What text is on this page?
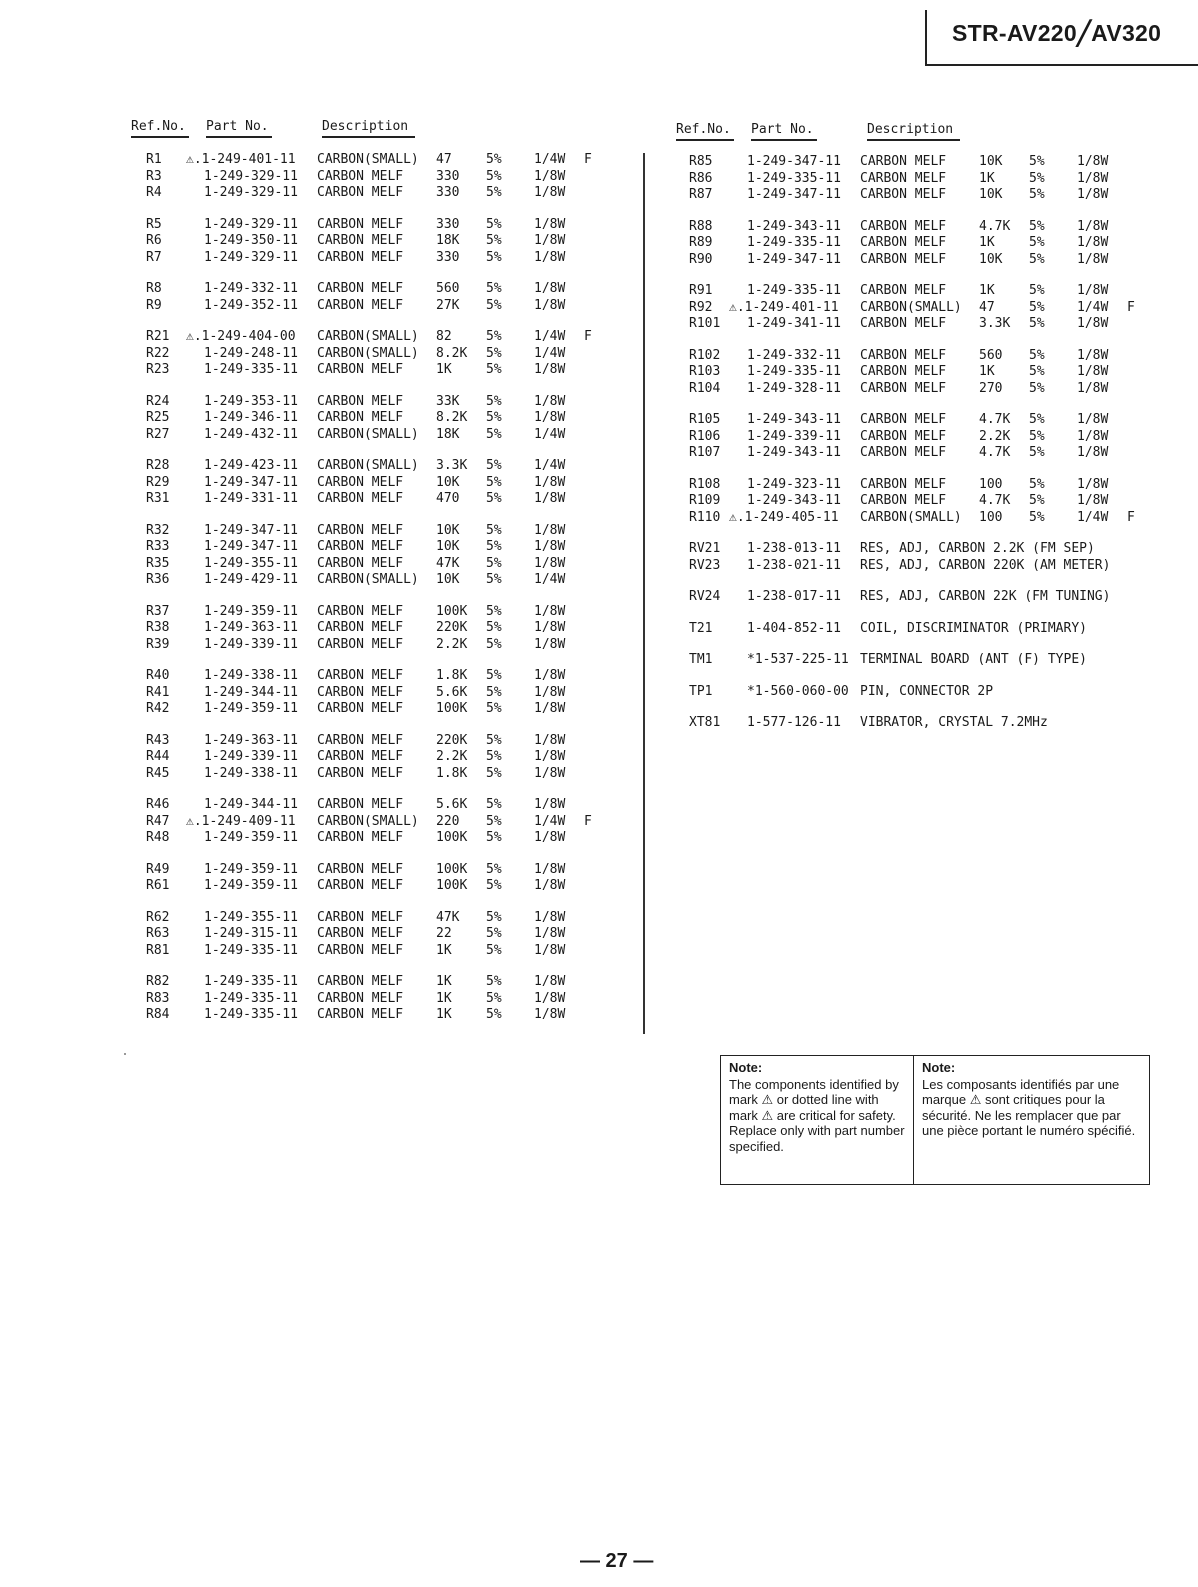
STR-AV220╱AV320
Ref.No. Part No.	Description	Ref.No. Part No.	Description
R1 ⚠.1-249-401-11 CARBON(SMALL) 47	5% 1/4W F
R3	1-249-329-11 CARBON MELF	330 5% 1/8W
R4	1-249-329-11 CARBON MELF	330 5% 1/8W
R5	1-249-329-11 CARBON MELF	330 5% 1/8W
R6	1-249-350-11 CARBON MELF	18K 5% 1/8W
R7	1-249-329-11 CARBON MELF	330 5% 1/8W
R8	1-249-332-11 CARBON MELF	560 5% 1/8W
R9	1-249-352-11 CARBON MELF	27K 5% 1/8W
R21 ⚠.1-249-404-00 CARBON(SMALL) 82	5% 1/4W F
R22	1-249-248-11 CARBON(SMALL) 8.2K 5% 1/4W
R23	1-249-335-11 CARBON MELF	1K	5% 1/8W
R24	1-249-353-11 CARBON MELF	33K 5% 1/8W
R25	1-249-346-11 CARBON MELF	8.2K 5% 1/8W
R27	1-249-432-11 CARBON(SMALL) 18K 5% 1/4W
R28	1-249-423-11 CARBON(SMALL) 3.3K 5% 1/4W
R29	1-249-347-11 CARBON MELF	10K 5% 1/8W
R31	1-249-331-11 CARBON MELF	470 5% 1/8W
R32	1-249-347-11 CARBON MELF	10K 5% 1/8W
R33	1-249-347-11 CARBON MELF	10K 5% 1/8W
R35	1-249-355-11 CARBON MELF	47K 5% 1/8W
R36	1-249-429-11 CARBON(SMALL) 10K 5% 1/4W
R37	1-249-359-11 CARBON MELF	100K 5% 1/8W
R38	1-249-363-11 CARBON MELF	220K 5% 1/8W
R39	1-249-339-11 CARBON MELF	2.2K 5% 1/8W
R40	1-249-338-11 CARBON MELF	1.8K 5% 1/8W
R41	1-249-344-11 CARBON MELF	5.6K 5% 1/8W
R42	1-249-359-11 CARBON MELF	100K 5% 1/8W
R43	1-249-363-11 CARBON MELF	220K 5% 1/8W
R44	1-249-339-11 CARBON MELF	2.2K 5% 1/8W
R45	1-249-338-11 CARBON MELF	1.8K 5% 1/8W
R46	1-249-344-11 CARBON MELF	5.6K 5% 1/8W
R47 ⚠.1-249-409-11 CARBON(SMALL) 220 5% 1/4W F
R48	1-249-359-11 CARBON MELF	100K 5% 1/8W
R49	1-249-359-11 CARBON MELF	100K 5% 1/8W
R61	1-249-359-11 CARBON MELF	100K 5% 1/8W
R62	1-249-355-11 CARBON MELF	47K 5% 1/8W
R63	1-249-315-11 CARBON MELF	22	5% 1/8W
R81	1-249-335-11 CARBON MELF	1K	5% 1/8W
R82	1-249-335-11 CARBON MELF	1K	5% 1/8W
R83	1-249-335-11 CARBON MELF	1K	5% 1/8W
R84	1-249-335-11 CARBON MELF	1K	5% 1/8W
R85	1-249-347-11 CARBON MELF	10K 5% 1/8W
R86	1-249-335-11 CARBON MELF	1K	5% 1/8W
R87	1-249-347-11 CARBON MELF	10K 5% 1/8W
R88	1-249-343-11 CARBON MELF	4.7K 5% 1/8W
R89	1-249-335-11 CARBON MELF	1K	5% 1/8W
R90	1-249-347-11 CARBON MELF	10K 5% 1/8W
R91	1-249-335-11 CARBON MELF	1K	5% 1/8W
R92 ⚠.1-249-401-11 CARBON(SMALL) 47	5% 1/4W F
R101 1-249-341-11 CARBON MELF	3.3K 5% 1/8W
R102 1-249-332-11 CARBON MELF	560 5% 1/8W
R103 1-249-335-11 CARBON MELF	1K	5% 1/8W
R104 1-249-328-11 CARBON MELF	270 5% 1/8W
R105 1-249-343-11 CARBON MELF	4.7K 5% 1/8W
R106 1-249-339-11 CARBON MELF	2.2K 5% 1/8W
R107 1-249-343-11 CARBON MELF	4.7K 5% 1/8W
R108 1-249-323-11 CARBON MELF	100 5% 1/8W
R109 1-249-343-11 CARBON MELF	4.7K 5% 1/8W
R110 ⚠.1-249-405-11 CARBON(SMALL) 100 5% 1/4W F
RV21 1-238-013-11 RES, ADJ, CARBON 2.2K (FM SEP)
RV23 1-238-021-11 RES, ADJ, CARBON 220K (AM METER)
RV24 1-238-017-11 RES, ADJ, CARBON 22K (FM TUNING)
T21	1-404-852-11 COIL, DISCRIMINATOR (PRIMARY)
TM1	*1-537-225-11 TERMINAL BOARD (ANT (F) TYPE)
TP1	*1-560-060-00 PIN, CONNECTOR 2P
XT81 1-577-126-11 VIBRATOR, CRYSTAL 7.2MHz
Note:
The components identified by mark ⚠ or dotted line with mark ⚠ are critical for safety. Replace only with part number specified.
Note:
Les composants identifiés par une marque ⚠ sont critiques pour la sécurité. Ne les remplacer que par une pièce portant le numéro spécifié.
— 27 —
